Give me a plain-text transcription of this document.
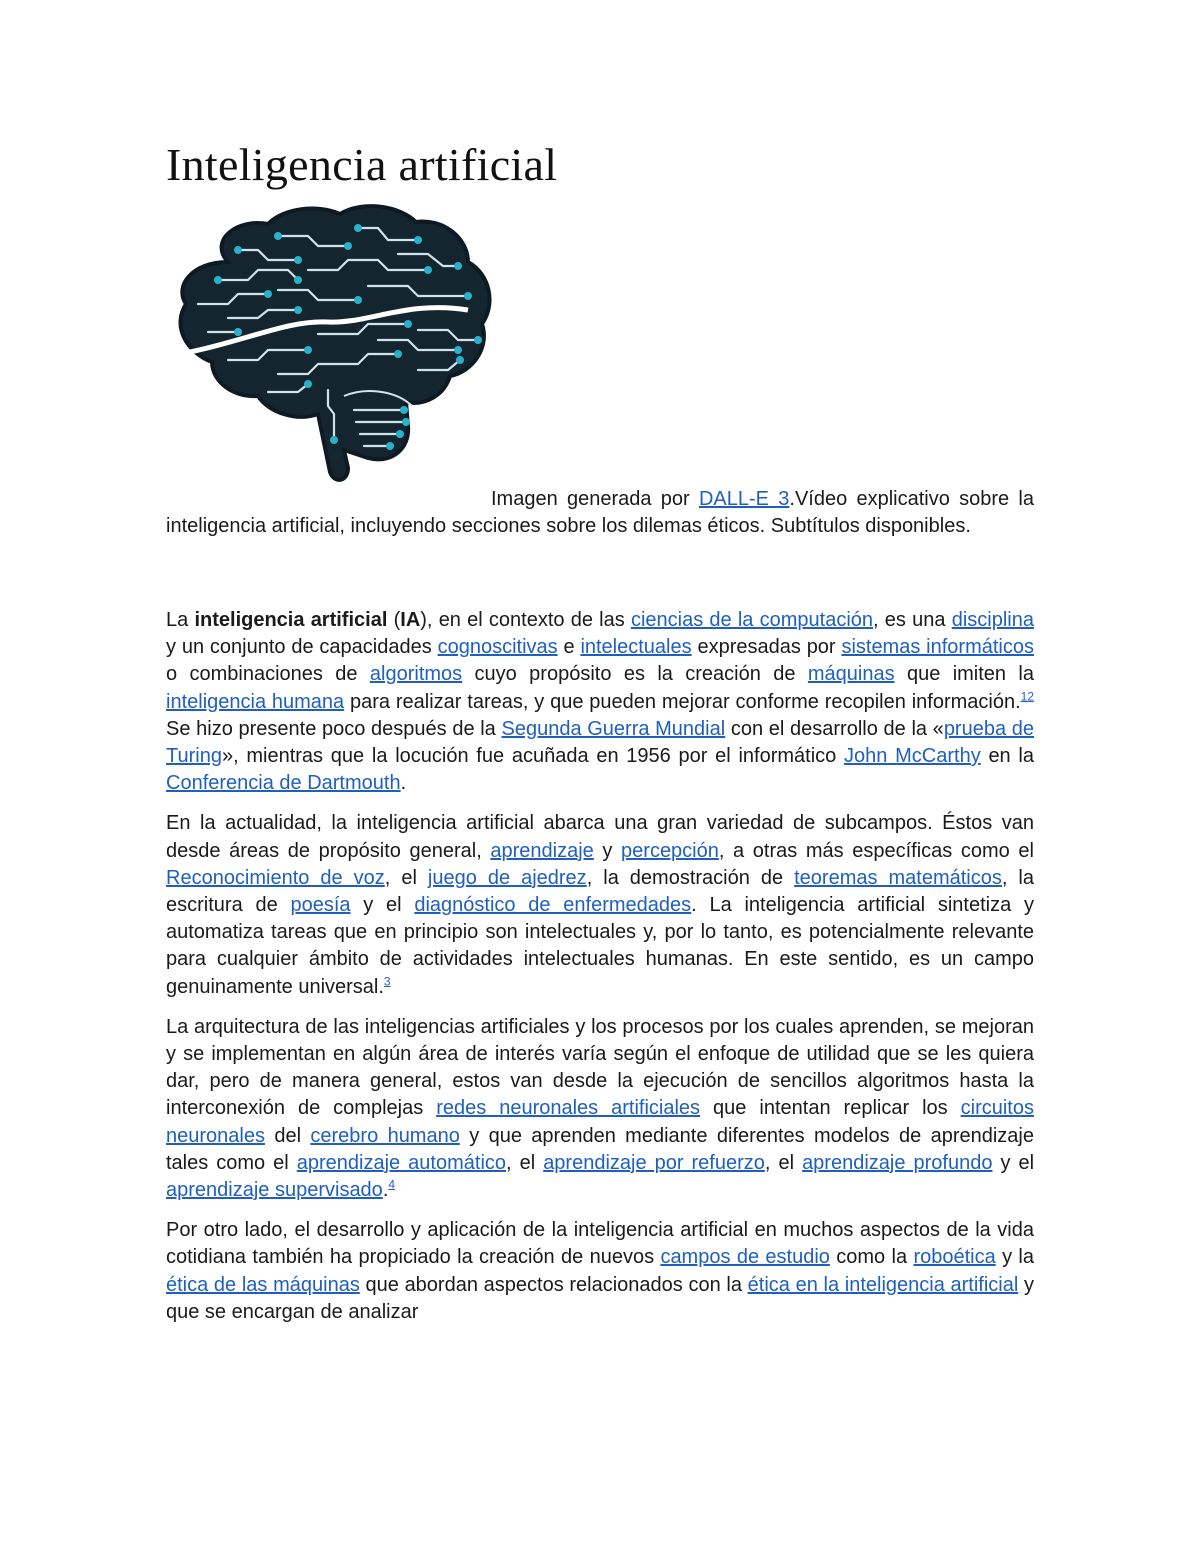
Inteligencia artificial
Imagen generada por DALL-E 3.Vídeo explicativo sobre la inteligencia artificial, incluyendo secciones sobre los dilemas éticos. Subtítulos disponibles.

La inteligencia artificial (IA), en el contexto de las ciencias de la computación, es una disciplina y un conjunto de capacidades cognoscitivas e intelectuales expresadas por sistemas informáticos o combinaciones de algoritmos cuyo propósito es la creación de máquinas que imiten la inteligencia humana para realizar tareas, y que pueden mejorar conforme recopilen información.$^{12}$ Se hizo presente poco después de la Segunda Guerra Mundial con el desarrollo de la «prueba de Turing», mientras que la locución fue acuñada en 1956 por el informático John McCarthy en la Conferencia de Dartmouth.

En la actualidad, la inteligencia artificial abarca una gran variedad de subcampos. Éstos van desde áreas de propósito general, aprendizaje y percepción, a otras más específicas como el Reconocimiento de voz, el juego de ajedrez, la demostración de teoremas matemáticos, la escritura de poesía y el diagnóstico de enfermedades. La inteligencia artificial sintetiza y automatiza tareas que en principio son intelectuales y, por lo tanto, es potencialmente relevante para cualquier ámbito de actividades intelectuales humanas. En este sentido, es un campo genuinamente universal.$^3$

La arquitectura de las inteligencias artificiales y los procesos por los cuales aprenden, se mejoran y se implementan en algún área de interés varía según el enfoque de utilidad que se les quiera dar, pero de manera general, estos van desde la ejecución de sencillos algoritmos hasta la interconexión de complejas redes neuronales artificiales que intentan replicar los circuitos neuronales del cerebro humano y que aprenden mediante diferentes modelos de aprendizaje tales como el aprendizaje automático, el aprendizaje por refuerzo, el aprendizaje profundo y el aprendizaje supervisado.$^4$

Por otro lado, el desarrollo y aplicación de la inteligencia artificial en muchos aspectos de la vida cotidiana también ha propiciado la creación de nuevos campos de estudio como la roboética y la ética de las máquinas que abordan aspectos relacionados con la ética en la inteligencia artificial y que se encargan de analizar
